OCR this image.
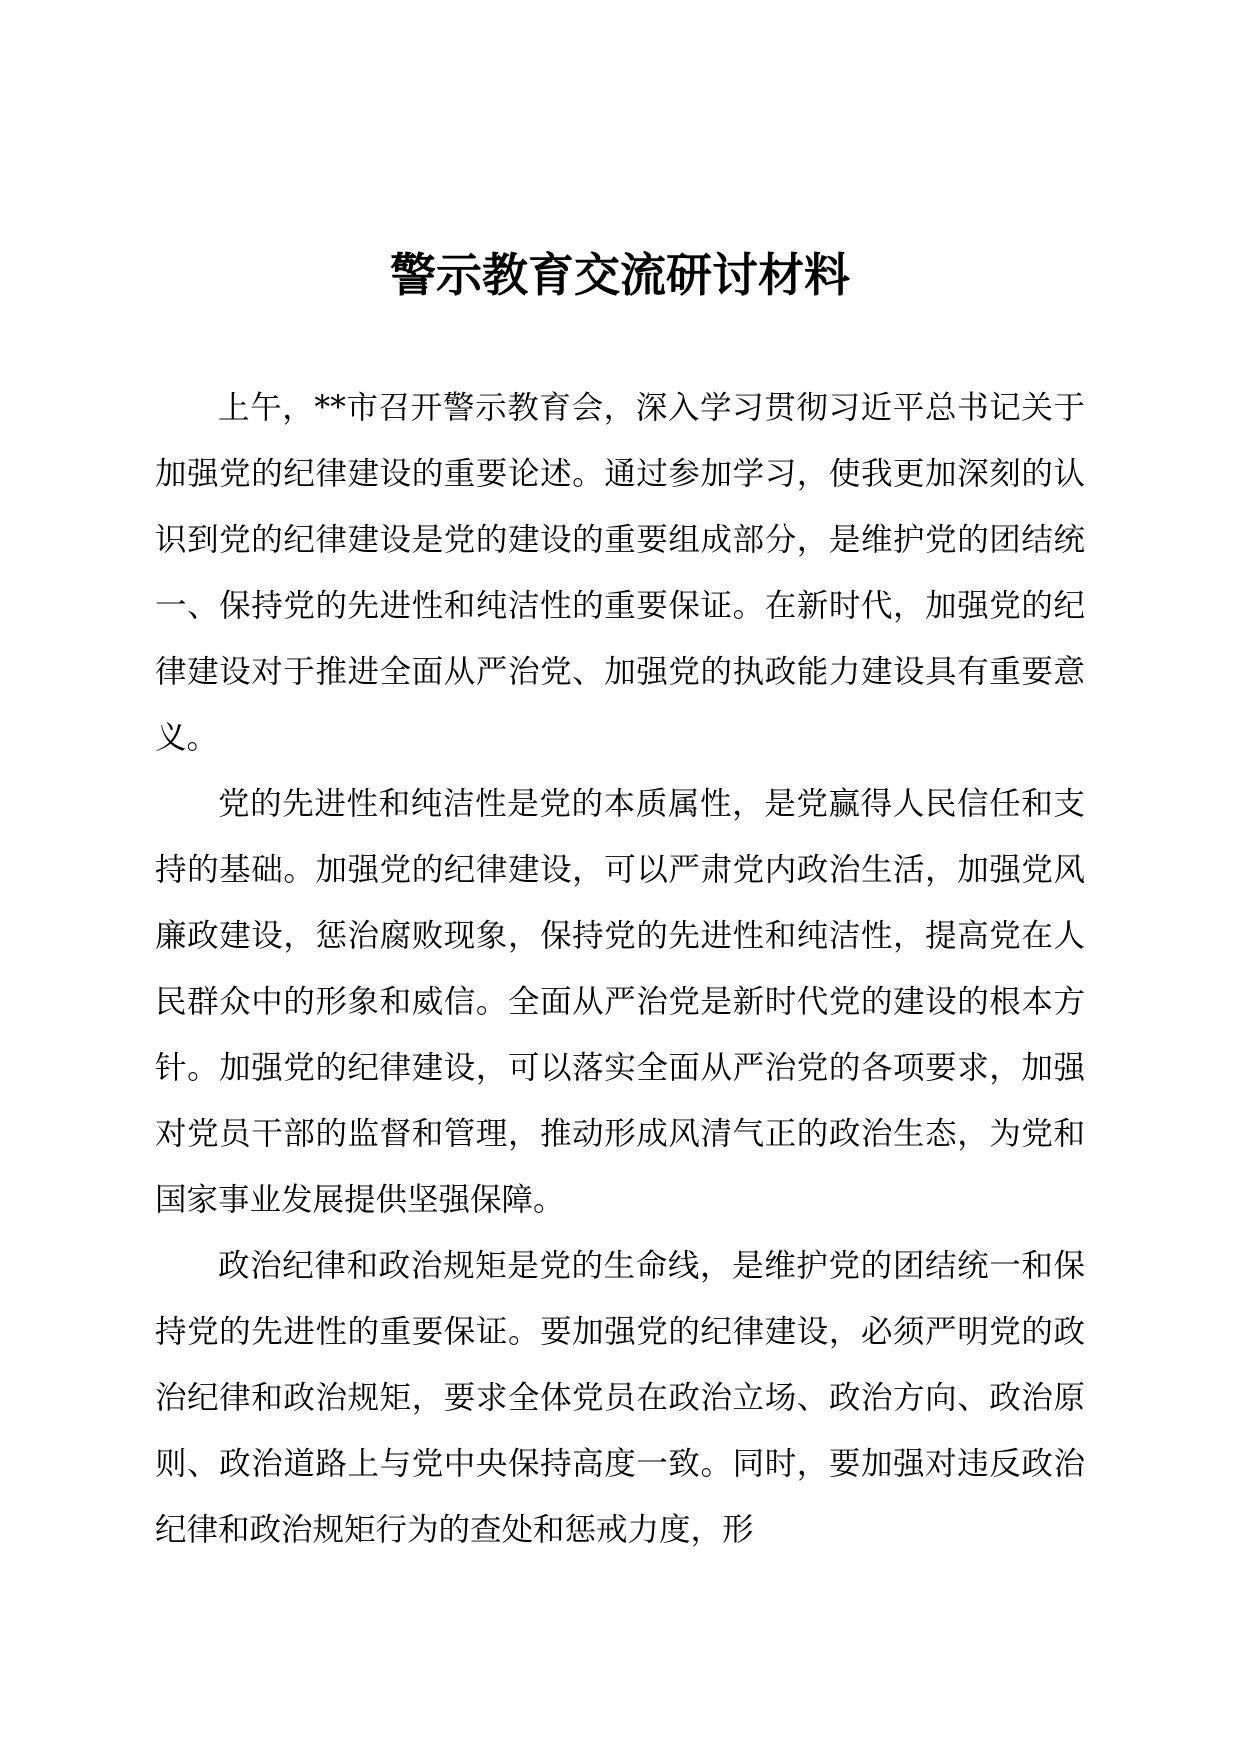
警示教育交流研讨材料

上午，**市召开警示教育会，深入学习贯彻习近平总书记关于加强党的纪律建设的重要论述。通过参加学习，使我更加深刻的认识到党的纪律建设是党的建设的重要组成部分，是维护党的团结统一、保持党的先进性和纯洁性的重要保证。在新时代，加强党的纪律建设对于推进全面从严治党、加强党的执政能力建设具有重要意义。

党的先进性和纯洁性是党的本质属性，是党赢得人民信任和支持的基础。加强党的纪律建设，可以严肃党内政治生活，加强党风廉政建设，惩治腐败现象，保持党的先进性和纯洁性，提高党在人民群众中的形象和威信。全面从严治党是新时代党的建设的根本方针。加强党的纪律建设，可以落实全面从严治党的各项要求，加强对党员干部的监督和管理，推动形成风清气正的政治生态，为党和国家事业发展提供坚强保障。

政治纪律和政治规矩是党的生命线，是维护党的团结统一和保持党的先进性的重要保证。要加强党的纪律建设，必须严明党的政治纪律和政治规矩，要求全体党员在政治立场、政治方向、政治原则、政治道路上与党中央保持高度一致。同时，要加强对违反政治纪律和政治规矩行为的查处和惩戒力度，形
